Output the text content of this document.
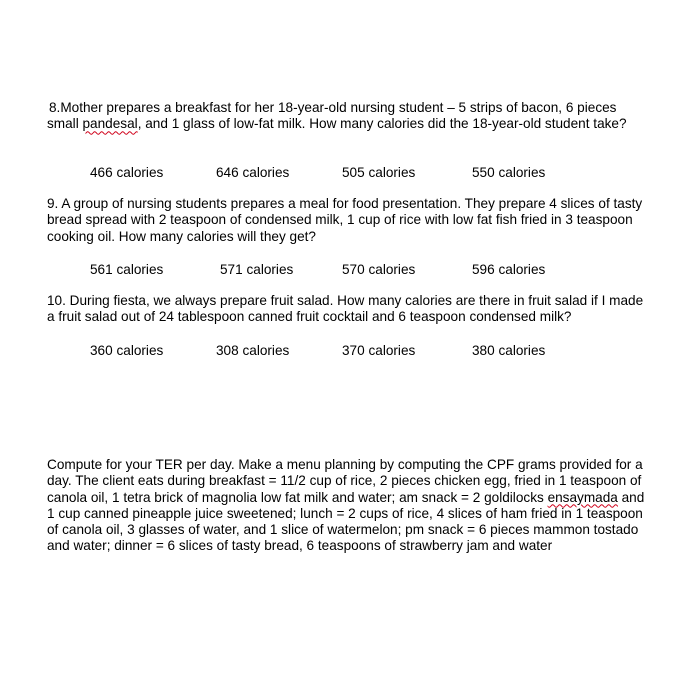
8.Mother prepares a breakfast for her 18-year-old nursing student – 5 strips of bacon, 6 pieces small pandesal, and 1 glass of low-fat milk. How many calories did the 18-year-old student take?
466 calories	646 calories	505 calories	550 calories
9. A group of nursing students prepares a meal for food presentation. They prepare 4 slices of tasty bread spread with 2 teaspoon of condensed milk, 1 cup of rice with low fat fish fried in 3 teaspoon cooking oil. How many calories will they get?
561 calories	571 calories	570 calories	596 calories
10. During fiesta, we always prepare fruit salad. How many calories are there in fruit salad if I made a fruit salad out of 24 tablespoon canned fruit cocktail and 6 teaspoon condensed milk?
360 calories	308 calories	370 calories	380 calories
Compute for your TER per day. Make a menu planning by computing the CPF grams provided for a day. The client eats during breakfast = 11/2 cup of rice, 2 pieces chicken egg, fried in 1 teaspoon of canola oil, 1 tetra brick of magnolia low fat milk and water; am snack = 2 goldilocks ensaymada and 1 cup canned pineapple juice sweetened; lunch = 2 cups of rice, 4 slices of ham fried in 1 teaspoon of canola oil, 3 glasses of water, and 1 slice of watermelon; pm snack = 6 pieces mammon tostado and water; dinner = 6 slices of tasty bread, 6 teaspoons of strawberry jam and water
